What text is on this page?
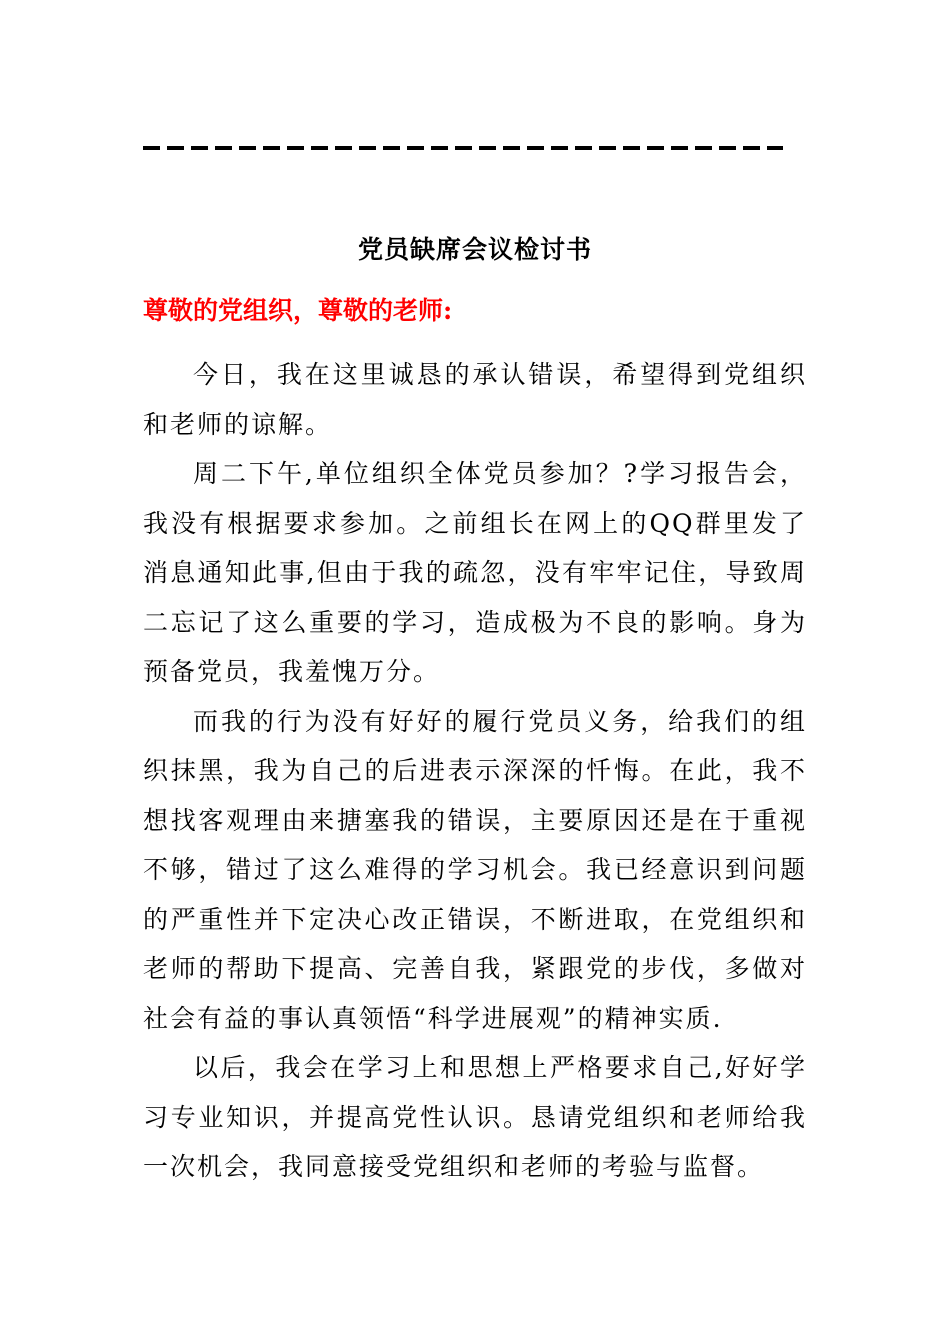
党员缺席会议检讨书
尊敬的党组织，尊敬的老师:

今日，我在这里诚恳的承认错误，希望得到党组织和老师的谅解。

周二下午,单位组织全体党员参加？?学习报告会，我没有根据要求参加。之前组长在网上的QQ群里发了消息通知此事,但由于我的疏忽，没有牢牢记住，导致周二忘记了这么重要的学习，造成极为不良的影响。身为预备党员，我羞愧万分。

而我的行为没有好好的履行党员义务，给我们的组织抹黑，我为自己的后进表示深深的忏悔。在此，我不想找客观理由来搪塞我的错误，主要原因还是在于重视不够，错过了这么难得的学习机会。我已经意识到问题的严重性并下定决心改正错误，不断进取，在党组织和老师的帮助下提高、完善自我，紧跟党的步伐，多做对社会有益的事认真领悟“科学进展观”的精神实质.

以后，我会在学习上和思想上严格要求自己,好好学习专业知识，并提高党性认识。恳请党组织和老师给我一次机会，我同意接受党组织和老师的考验与监督。
